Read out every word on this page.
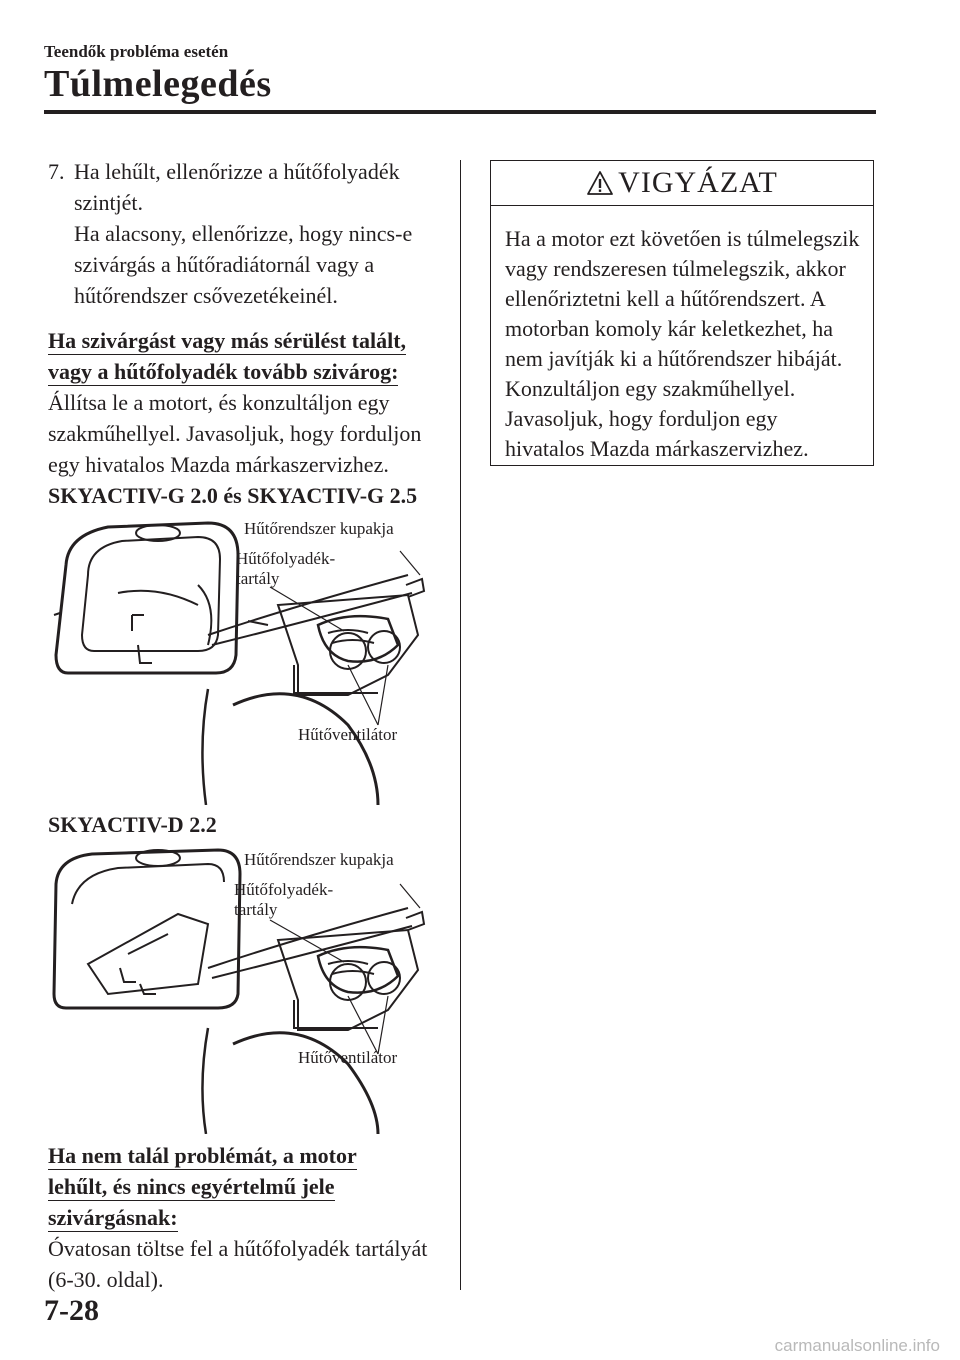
Teendők probléma esetén
Túlmelegedés
7. Ha lehűlt, ellenőrizze a hűtőfolyadék szintjét.

Ha alacsony, ellenőrizze, hogy nincs-e szivárgás a hűtőradiátornál vagy a hűtőrendszer csővezetékeinél.

Ha szivárgást vagy más sérülést talált,
vagy a hűtőfolyadék tovább szivárog:

Állítsa le a motort, és konzultáljon egy szakműhellyel. Javasoljuk, hogy forduljon egy hivatalos Mazda márkaszervizhez.

SKYACTIV-G 2.0 és SKYACTIV-G 2.5

Hűtőrendszer kupakja
Hűtőfolyadék-
tartály
Hűtőventilátor

SKYACTIV-D 2.2

Hűtőrendszer kupakja
Hűtőfolyadék-
tartály
Hűtőventilátor
Ha nem talál problémát, a motor
lehűlt, és nincs egyértelmű jele
szivárgásnak:

Óvatosan töltse fel a hűtőfolyadék tartályát (6-30. oldal).

VIGYÁZAT
Ha a motor ezt követően is túlmelegszik vagy rendszeresen túlmelegszik, akkor ellenőriztetni kell a hűtőrendszert. A motorban komoly kár keletkezhet, ha nem javítják ki a hűtőrendszer hibáját. Konzultáljon egy szakműhellyel. Javasoljuk, hogy forduljon egy hivatalos Mazda márkaszervizhez.
7-28
carmanualsonline.info
